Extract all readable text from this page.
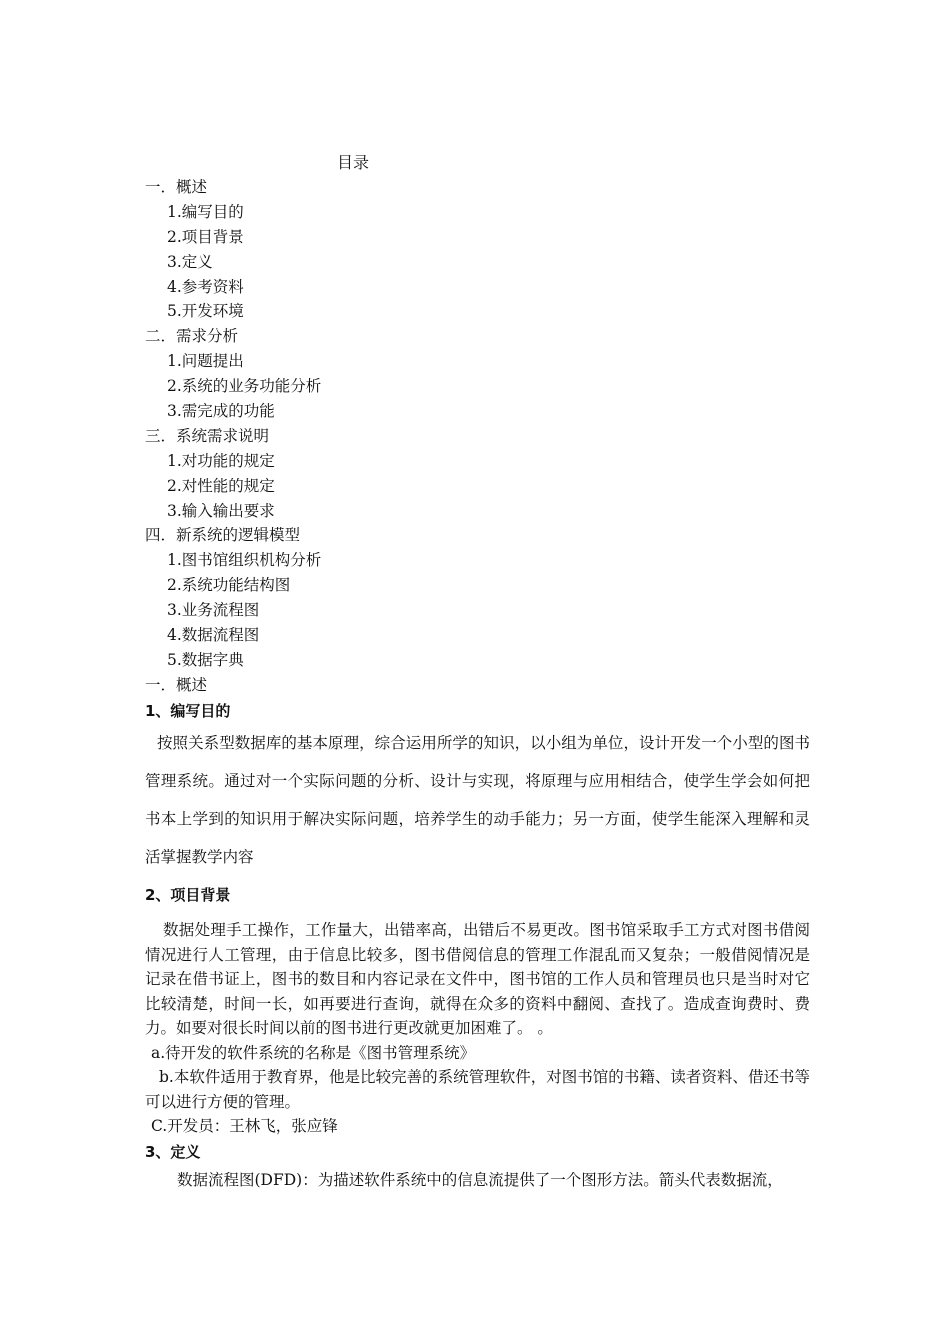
目录
一．概述
1.编写目的
2.项目背景
3.定义
4.参考资料
5.开发环境
二．需求分析
1.问题提出
2.系统的业务功能分析
3.需完成的功能
三．系统需求说明
1.对功能的规定
2.对性能的规定
3.输入输出要求
四．新系统的逻辑模型
1.图书馆组织机构分析
2.系统功能结构图
3.业务流程图
4.数据流程图
5.数据字典
一．概述
1、编写目的

按照关系型数据库的基本原理，综合运用所学的知识，以小组为单位，设计开发一个小型的图书管理系统。通过对一个实际问题的分析、设计与实现，将原理与应用相结合，使学生学会如何把书本上学到的知识用于解决实际问题，培养学生的动手能力；另一方面，使学生能深入理解和灵活掌握教学内容

2、项目背景

数据处理手工操作，工作量大，出错率高，出错后不易更改。图书馆采取手工方式对图书借阅情况进行人工管理，由于信息比较多，图书借阅信息的管理工作混乱而又复杂；一般借阅情况是记录在借书证上，图书的数目和内容记录在文件中，图书馆的工作人员和管理员也只是当时对它比较清楚，时间一长，如再要进行查询，就得在众多的资料中翻阅、查找了。造成查询费时、费力。如要对很长时间以前的图书进行更改就更加困难了。 。

a.待开发的软件系统的名称是《图书管理系统》

b.本软件适用于教育界，他是比较完善的系统管理软件，对图书馆的书籍、读者资料、借还书等可以进行方便的管理。

C.开发员：王林飞，张应锋

3、定义

数据流程图(DFD)：为描述软件系统中的信息流提供了一个图形方法。箭头代表数据流，
